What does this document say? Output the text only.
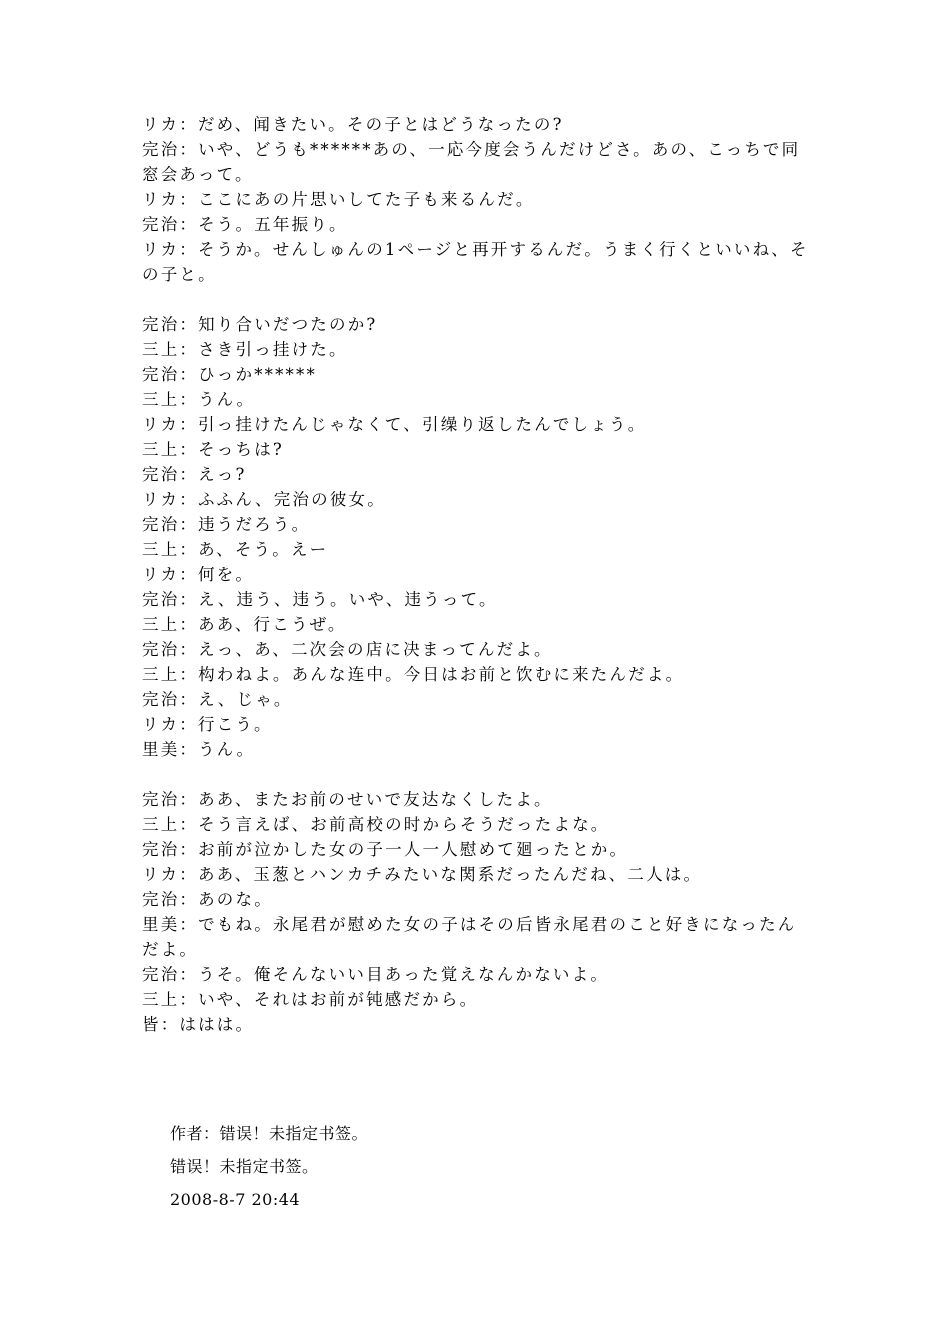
リカ：だめ、闻きたい。その子とはどうなったの?
完治：いや、どうも******あの、一応今度会うんだけどさ。あの、こっちで同窓会あって。
リカ：ここにあの片思いしてた子も来るんだ。
完治：そう。五年振り。
リカ：そうか。せんしゅんの1ページと再开するんだ。うまく行くといいね、その子と。
完治：知り合いだつたのか?
三上：さき引っ挂けた。
完治：ひっか******
三上：うん。
リカ：引っ挂けたんじゃなくて、引缲り返したんでしょう。
三上：そっちは?
完治：えっ?
リカ：ふふん、完治の彼女。
完治：违うだろう。
三上：あ、そう。えー
リカ：何を。
完治：え、违う、违う。いや、违うって。
三上：ああ、行こうぜ。
完治：えっ、あ、二次会の店に决まってんだよ。
三上：构わねよ。あんな连中。今日はお前と饮むに来たんだよ。
完治：え、じゃ。
リカ：行こう。
里美：うん。
完治：ああ、またお前のせいで友达なくしたよ。
三上：そう言えば、お前高校の时からそうだったよな。
完治：お前が泣かした女の子一人一人慰めて廻ったとか。
リカ：ああ、玉葱とハンカチみたいな関系だったんだね、二人は。
完治：あのな。
里美：でもね。永尾君が慰めた女の子はその后皆永尾君のこと好きになったんだよ。
完治：うそ。俺そんないい目あった覚えなんかないよ。
三上：いや、それはお前が钝感だから。
皆：ははは。
作者：错误！未指定书签。
错误！未指定书签。
2008-8-7 20:44
